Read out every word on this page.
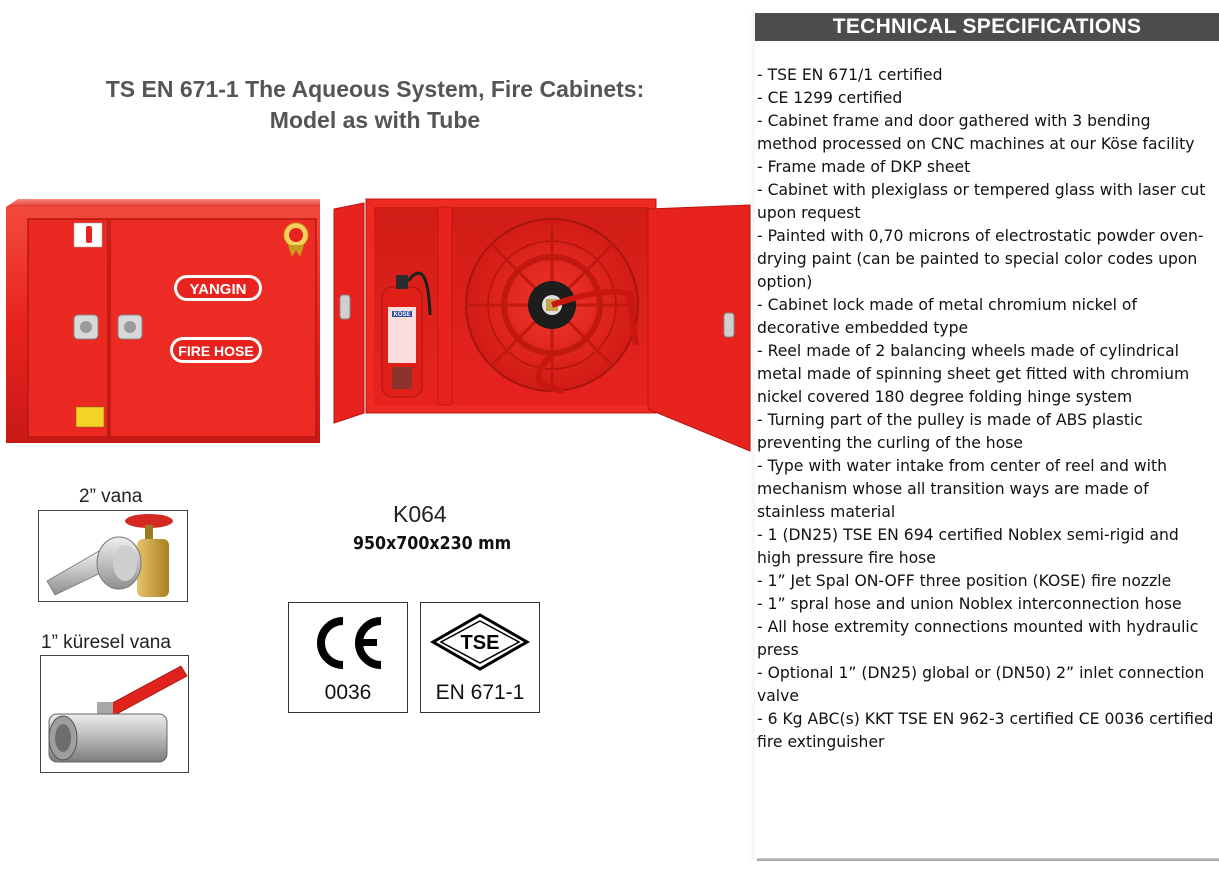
TS EN 671-1 The Aqueous System, Fire Cabinets:
Model as with Tube
YANGIN
FIRE HOSE
KÖSE
2” vana
1” küresel vana
K064
950x700x230 mm
0036
TSE
EN 671-1
TECHNICAL SPECIFICATIONS
- TSE EN 671/1 certified
- CE 1299 certified
- Cabinet frame and door gathered with 3 bending method processed on CNC machines at our Köse facility
- Frame made of DKP sheet
- Cabinet with plexiglass or tempered glass with laser cut upon request
- Painted with 0,70 microns of electrostatic powder oven-drying paint (can be painted to special color codes upon option)
- Cabinet lock made of metal chromium nickel of decorative embedded type
- Reel made of 2 balancing wheels made of cylindrical metal made of spinning sheet get fitted with chromium nickel covered 180 degree folding hinge system
- Turning part of the pulley is made of ABS plastic preventing the curling of the hose
- Type with water intake from center of reel and with mechanism whose all transition ways are made of stainless material
- 1 (DN25) TSE EN 694 certified Noblex semi-rigid and high pressure fire hose
- 1” Jet Spal ON-OFF three position (KOSE) fire nozzle
- 1” spral hose and union Noblex interconnection hose
- All hose extremity connections mounted with hydraulic press
- Optional 1” (DN25) global or (DN50) 2” inlet connection valve
- 6 Kg ABC(s) KKT TSE EN 962-3 certified CE 0036 certified fire extinguisher
